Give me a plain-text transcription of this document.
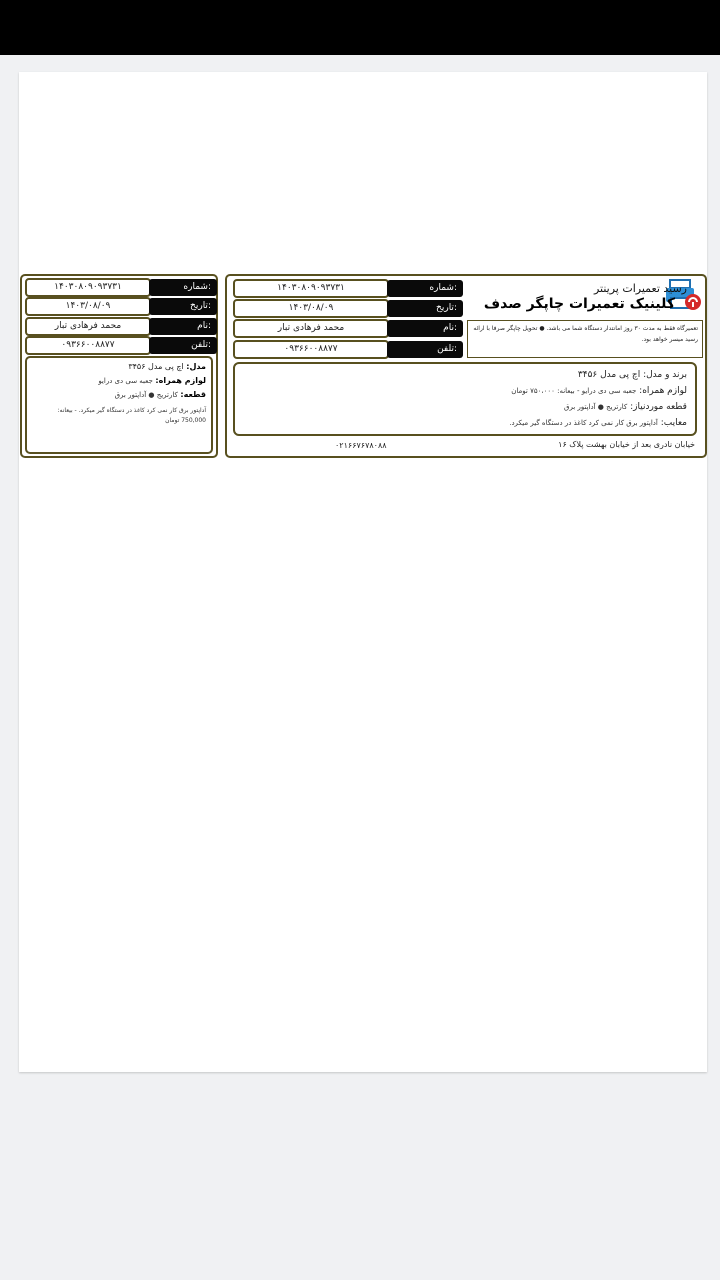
۱۴۰۳۰۸۰۹۰۹۳۷۳۱	شماره:
۱۴۰۳/۰۸/۰۹	تاریخ:
محمد فرهادی تبار	نام:
۰۹۳۶۶۰۰۸۸۷۷	تلفن:
مدل: اچ پی مدل ۳۴۵۶
لوازم همراه: جعبه سی دی درایو
قطعه: کارتریج ● آداپتور برق
آداپتور برق کار نمی کرد کاغذ در دستگاه گیر میکرد. - بیعانه: 750,000 تومان
۱۴۰۳۰۸۰۹۰۹۳۷۳۱	شماره:
۱۴۰۳/۰۸/۰۹	تاریخ:
محمد فرهادی تبار	نام:
۰۹۳۶۶۰۰۸۸۷۷	تلفن:
رسید تعمیرات پرینتر
کلینیک تعمیرات چاپگر صدف
تعمیرگاه فقط به مدت ۳۰ روز امانتدار دستگاه شما می باشد. ● تحویل چاپگر صرفا با ارائه رسید میسر خواهد بود.
برند و مدل: اچ پی مدل ۳۴۵۶
لوازم همراه: جعبه سی دی درایو - بیعانه: ۷۵۰،۰۰۰ تومان
قطعه موردنیاز: کارتریج ● آداپتور برق
معایب: آداپتور برق کار نمی کرد کاغذ در دستگاه گیر میکرد.
خیابان نادری بعد از خیابان بهشت پلاک ۱۶
۰۲۱۶۶۷۶۷۸۰۸۸
